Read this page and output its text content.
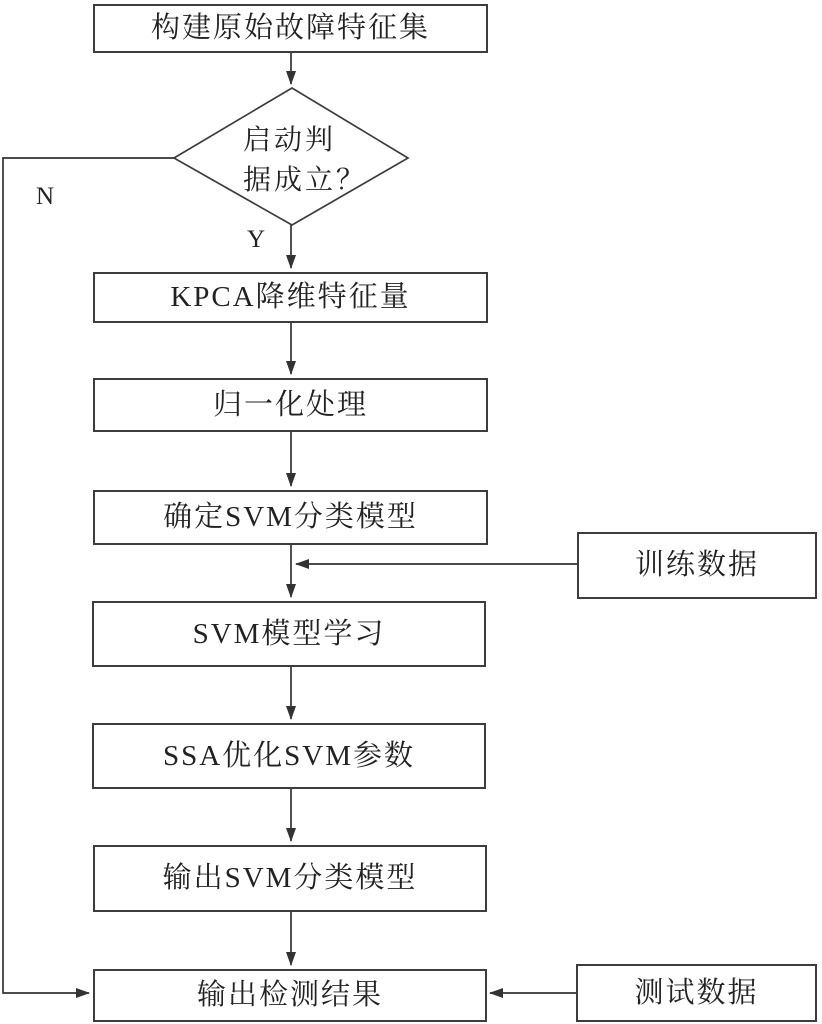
构建原始故障特征集
启动判
据成立？
N
Y
KPCA降维特征量
归一化处理
确定SVM分类模型
SVM模型学习
SSA优化SVM参数
输出SVM分类模型
输出检测结果
训练数据
测试数据
